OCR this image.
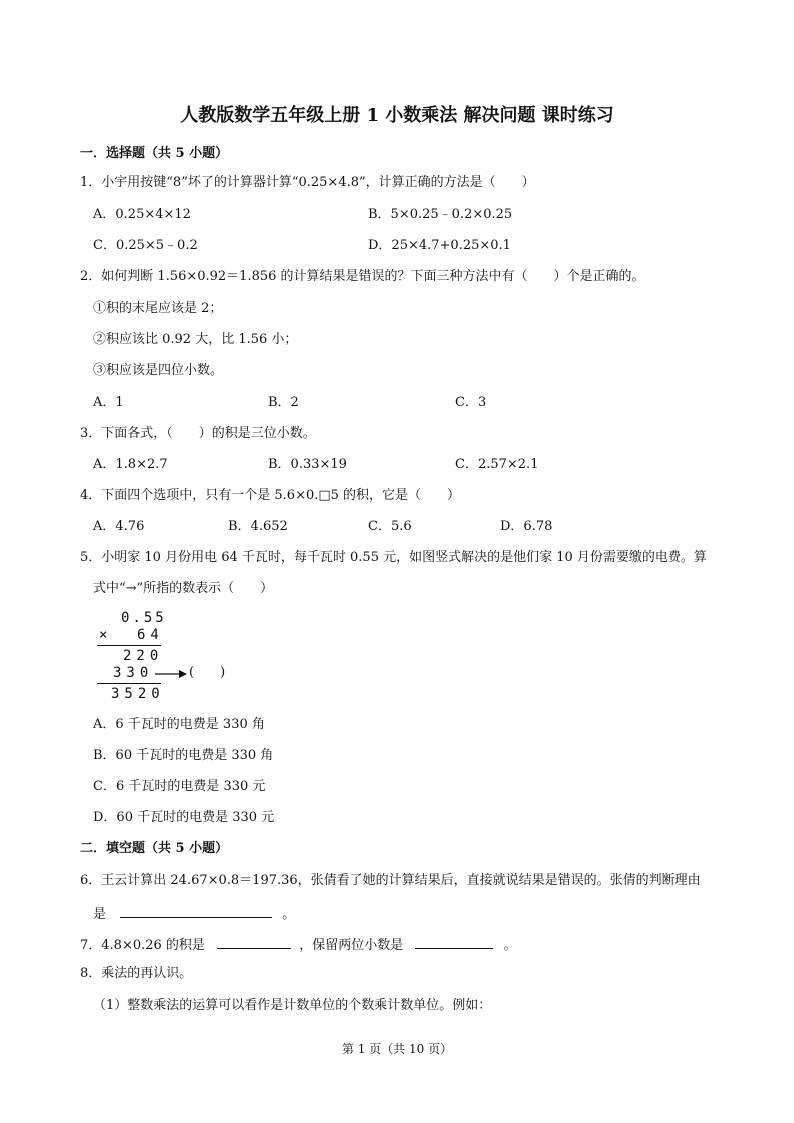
人教版数学五年级上册 1 小数乘法 解决问题 课时练习
一．选择题（共 5 小题）
1．小宇用按键“8”坏了的计算器计算“0.25×4.8”，计算正确的方法是（　　）
A．0.25×4×12	B．5×0.25﹣0.2×0.25
C．0.25×5﹣0.2	D．25×4.7+0.25×0.1
2．如何判断 1.56×0.92＝1.856 的计算结果是错误的？下面三种方法中有（　　）个是正确的。
①积的末尾应该是 2；
②积应该比 0.92 大，比 1.56 小；
③积应该是四位小数。
A．1	B．2	C．3
3．下面各式，（　　）的积是三位小数。
A．1.8×2.7	B．0.33×19	C．2.57×2.1
4．下面四个选项中，只有一个是 5.6×0.□5 的积，它是（　　）
A．4.76	B．4.652	C．5.6	D．6.78
5．小明家 10 月份用电 64 千瓦时，每千瓦时 0.55 元，如图竖式解决的是他们家 10 月份需要缴的电费。算
式中“→”所指的数表示（　　）
0.55
× 64
220
330	(　　)
3520
A．6 千瓦时的电费是 330 角
B．60 千瓦时的电费是 330 角
C．6 千瓦时的电费是 330 元
D．60 千瓦时的电费是 330 元
二．填空题（共 5 小题）
6．王云计算出 24.67×0.8＝197.36，张倩看了她的计算结果后，直接就说结果是错误的。张倩的判断理由
是	。
7．4.8×0.26 的积是	，保留两位小数是	。
8．乘法的再认识。
（1）整数乘法的运算可以看作是计数单位的个数乘计数单位。例如：
第 1 页（共 10 页）
